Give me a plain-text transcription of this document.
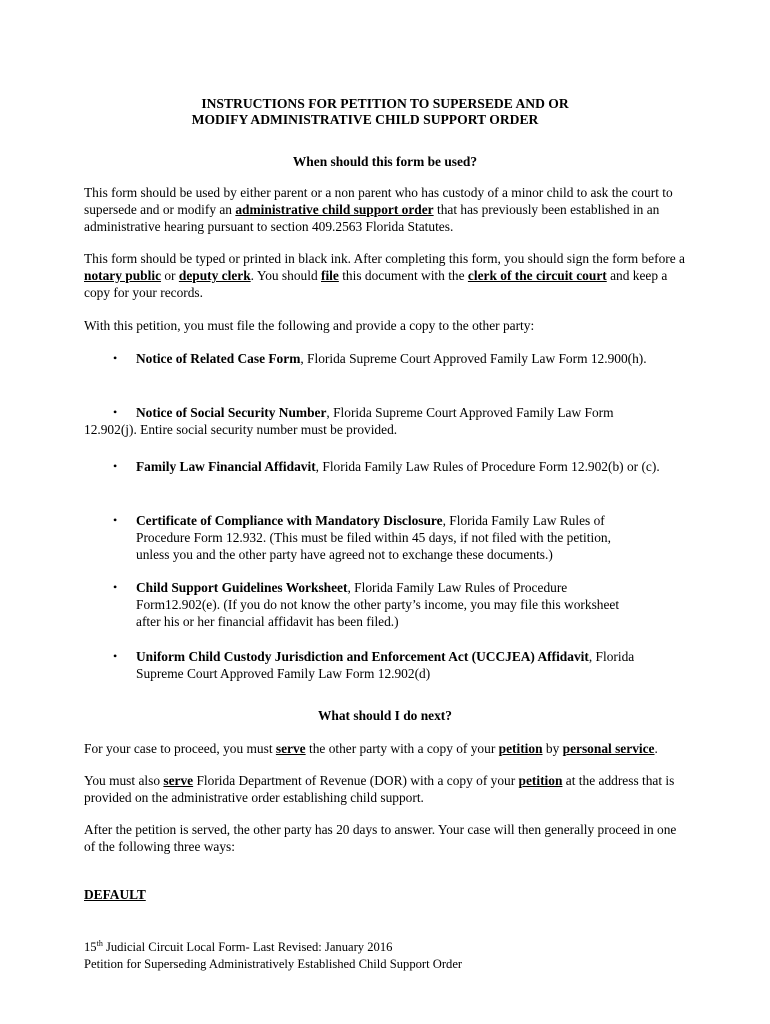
INSTRUCTIONS FOR PETITION TO SUPERSEDE AND OR
MODIFY ADMINISTRATIVE CHILD SUPPORT ORDER
When should this form be used?

This form should be used by either parent or a non parent who has custody of a minor child to ask the court to supersede and or modify an administrative child support order that has previously been established in an administrative hearing pursuant to section 409.2563 Florida Statutes.

This form should be typed or printed in black ink. After completing this form, you should sign the form before a notary public or deputy clerk. You should file this document with the clerk of the circuit court and keep a copy for your records.

With this petition, you must file the following and provide a copy to the other party:

•	Notice of Related Case Form, Florida Supreme Court Approved Family Law Form 12.900(h).

•	Notice of Social Security Number, Florida Supreme Court Approved Family Law Form 12.902(j). Entire social security number must be provided.

•	Family Law Financial Affidavit, Florida Family Law Rules of Procedure Form 12.902(b) or (c).

• Certificate of Compliance with Mandatory Disclosure, Florida Family Law Rules of Procedure Form 12.932. (This must be filed within 45 days, if not filed with the petition, unless you and the other party have agreed not to exchange these documents.)

• Child Support Guidelines Worksheet, Florida Family Law Rules of Procedure Form12.902(e). (If you do not know the other party’s income, you may file this worksheet after his or her financial affidavit has been filed.)

• Uniform Child Custody Jurisdiction and Enforcement Act (UCCJEA) Affidavit, Florida Supreme Court Approved Family Law Form 12.902(d)

What should I do next?

For your case to proceed, you must serve the other party with a copy of your petition by personal service.

You must also serve Florida Department of Revenue (DOR) with a copy of your petition at the address that is provided on the administrative order establishing child support.

After the petition is served, the other party has 20 days to answer. Your case will then generally proceed in one of the following three ways:

DEFAULT
15th Judicial Circuit Local Form- Last Revised: January 2016
Petition for Superseding Administratively Established Child Support Order
